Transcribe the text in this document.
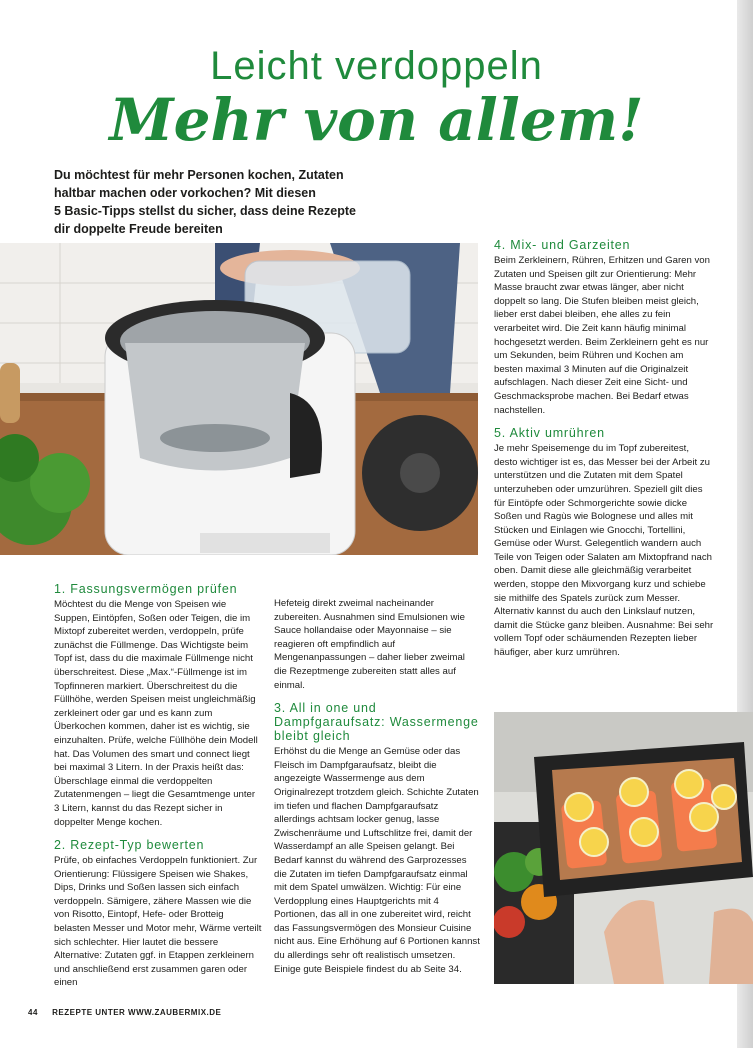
Leicht verdoppeln
Mehr von allem!
Du möchtest für mehr Personen kochen, Zutaten
haltbar machen oder vorkochen? Mit diesen
5 Basic-Tipps stellst du sicher, dass deine Rezepte
dir doppelte Freude bereiten
1. Fassungsvermögen prüfen

Möchtest du die Menge von Speisen wie Suppen, Eintöpfen, Soßen oder Teigen, die im Mixtopf zubereitet werden, verdoppeln, prüfe zunächst die Füllmenge. Das Wichtigste beim Topf ist, dass du die maximale Füllmenge nicht überschreitest. Diese „Max.“-Füllmenge ist im Topfinneren markiert. Überschreitest du die Füllhöhe, werden Speisen meist ungleichmäßig zerkleinert oder gar und es kann zum Überkochen kommen, daher ist es wichtig, sie einzuhalten. Prüfe, welche Füllhöhe dein Modell hat. Das Volumen des smart und connect liegt bei maximal 3 Litern. In der Praxis heißt das: Überschlage einmal die verdoppelten Zutatenmengen – liegt die Gesamtmenge unter 3 Litern, kannst du das Rezept sicher in doppelter Menge kochen.

2. Rezept-Typ bewerten

Prüfe, ob einfaches Verdoppeln funktioniert. Zur Orientierung: Flüssigere Speisen wie Shakes, Dips, Drinks und Soßen lassen sich einfach verdoppeln. Sämigere, zähere Massen wie die von Risotto, Eintopf, Hefe- oder Brotteig belasten Messer und Motor mehr, Wärme verteilt sich schlechter. Hier lautet die bessere Alternative: Zutaten ggf. in Etappen zerkleinern und anschließend erst zusammen garen oder einen

Hefeteig direkt zweimal nacheinander zubereiten. Ausnahmen sind Emulsionen wie Sauce hollandaise oder Mayonnaise – sie reagieren oft empfindlich auf Mengenanpassungen – daher lieber zweimal die Rezeptmenge zubereiten statt alles auf einmal.

3. All in one und Dampfgaraufsatz: Wassermenge bleibt gleich

Erhöhst du die Menge an Gemüse oder das Fleisch im Dampfgaraufsatz, bleibt die angezeigte Wassermenge aus dem Originalrezept trotzdem gleich. Schichte Zutaten im tiefen und flachen Dampfgaraufsatz allerdings achtsam locker genug, lasse Zwischenräume und Luftschlitze frei, damit der Wasserdampf an alle Speisen gelangt. Bei Bedarf kannst du während des Garprozesses die Zutaten im tiefen Dampfgaraufsatz einmal mit dem Spatel umwälzen. Wichtig: Für eine Verdopplung eines Hauptgerichts mit 4 Portionen, das all in one zubereitet wird, reicht das Fassungsvermögen des Monsieur Cuisine nicht aus. Eine Erhöhung auf 6 Portionen kannst du allerdings sehr oft realistisch umsetzen. Einige gute Beispiele findest du ab Seite 34.

4. Mix- und Garzeiten

Beim Zerkleinern, Rühren, Erhitzen und Garen von Zutaten und Speisen gilt zur Orientierung: Mehr Masse braucht zwar etwas länger, aber nicht doppelt so lang. Die Stufen bleiben meist gleich, lieber erst dabei bleiben, ehe alles zu fein verarbeitet wird. Die Zeit kann häufig minimal hochgesetzt werden. Beim Zerkleinern geht es nur um Sekunden, beim Rühren und Kochen am besten maximal 3 Minuten auf die Originalzeit aufschlagen. Nach dieser Zeit eine Sicht- und Geschmacksprobe machen. Bei Bedarf etwas nachstellen.

5. Aktiv umrühren

Je mehr Speisemenge du im Topf zubereitest, desto wichtiger ist es, das Messer bei der Arbeit zu unterstützen und die Zutaten mit dem Spatel unterzuheben oder umzurühren. Speziell gilt dies für Eintöpfe oder Schmorgerichte sowie dicke Soßen und Ragùs wie Bolognese und alles mit Stücken und Einlagen wie Gnocchi, Tortellini, Gemüse oder Wurst. Gelegentlich wandern auch Teile von Teigen oder Salaten am Mixtopfrand nach oben. Damit diese alle gleichmäßig verarbeitet werden, stoppe den Mixvorgang kurz und schiebe sie mithilfe des Spatels zurück zum Messer. Alternativ kannst du auch den Linkslauf nutzen, damit die Stücke ganz bleiben. Ausnahme: Bei sehr vollem Topf oder schäumenden Rezepten lieber häufiger, aber kurz umrühren.

44 REZEPTE UNTER WWW.ZAUBERMIX.DE
